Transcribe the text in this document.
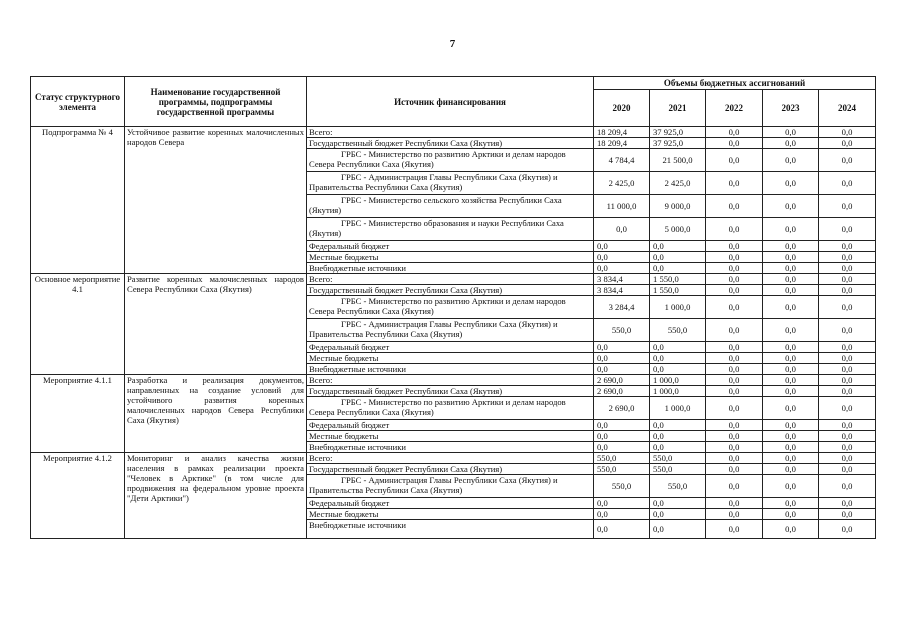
7
Статус структурного элемента	Наименование государственной программы, подпрограммы государственной программы	Источник финансирования	Объемы бюджетных ассигнований				
			2020	2021	2022	2023	2024
Подпрограмма № 4	Устойчивое развитие коренных малочисленных народов Севера	Всего:	18 209,4	37 925,0	0,0	0,0	0,0
		Государственный бюджет Республики Саха (Якутия)	18 209,4	37 925,0	0,0	0,0	0,0
		ГРБС - Министерство по развитию Арктики и делам народов Севера Республики Саха (Якутия)	4 784,4	21 500,0	0,0	0,0	0,0
		ГРБС - Администрация Главы Республики Саха (Якутия) и Правительства Республики Саха (Якутия)	2 425,0	2 425,0	0,0	0,0	0,0
		ГРБС - Министерство сельского хозяйства Республики Саха (Якутия)	11 000,0	9 000,0	0,0	0,0	0,0
		ГРБС - Министерство образования и науки Республики Саха (Якутия)	0,0	5 000,0	0,0	0,0	0,0
		Федеральный бюджет	0,0	0,0	0,0	0,0	0,0
		Местные бюджеты	0,0	0,0	0,0	0,0	0,0
		Внебюджетные источники	0,0	0,0	0,0	0,0	0,0
Основное мероприятие 4.1	Развитие коренных малочисленных народов Севера Республики Саха (Якутия)	Всего:	3 834,4	1 550,0	0,0	0,0	0,0
		Государственный бюджет Республики Саха (Якутия)	3 834,4	1 550,0	0,0	0,0	0,0
		ГРБС - Министерство по развитию Арктики и делам народов Севера Республики Саха (Якутия)	3 284,4	1 000,0	0,0	0,0	0,0
		ГРБС - Администрация Главы Республики Саха (Якутия) и Правительства Республики Саха (Якутия)	550,0	550,0	0,0	0,0	0,0
		Федеральный бюджет	0,0	0,0	0,0	0,0	0,0
		Местные бюджеты	0,0	0,0	0,0	0,0	0,0
		Внебюджетные источники	0,0	0,0	0,0	0,0	0,0
Мероприятие 4.1.1	Разработка и реализация документов, направленных на создание условий для устойчивого развития коренных малочисленных народов Севера Республики Саха (Якутия)	Всего:	2 690,0	1 000,0	0,0	0,0	0,0
		Государственный бюджет Республики Саха (Якутия)	2 690,0	1 000,0	0,0	0,0	0,0
		ГРБС - Министерство по развитию Арктики и делам народов Севера Республики Саха (Якутия)	2 690,0	1 000,0	0,0	0,0	0,0
		Федеральный бюджет	0,0	0,0	0,0	0,0	0,0
		Местные бюджеты	0,0	0,0	0,0	0,0	0,0
		Внебюджетные источники	0,0	0,0	0,0	0,0	0,0
Мероприятие 4.1.2	Мониторинг и анализ качества жизни населения в рамках реализации проекта "Человек в Арктике" (в том числе для продвижения на федеральном уровне проекта "Дети Арктики")	Всего:	550,0	550,0	0,0	0,0	0,0
		Государственный бюджет Республики Саха (Якутия)	550,0	550,0	0,0	0,0	0,0
		ГРБС - Администрация Главы Республики Саха (Якутия) и Правительства Республики Саха (Якутия)	550,0	550,0	0,0	0,0	0,0
		Федеральный бюджет	0,0	0,0	0,0	0,0	0,0
		Местные бюджеты	0,0	0,0	0,0	0,0	0,0
		Внебюджетные источники	0,0	0,0	0,0	0,0	0,0
